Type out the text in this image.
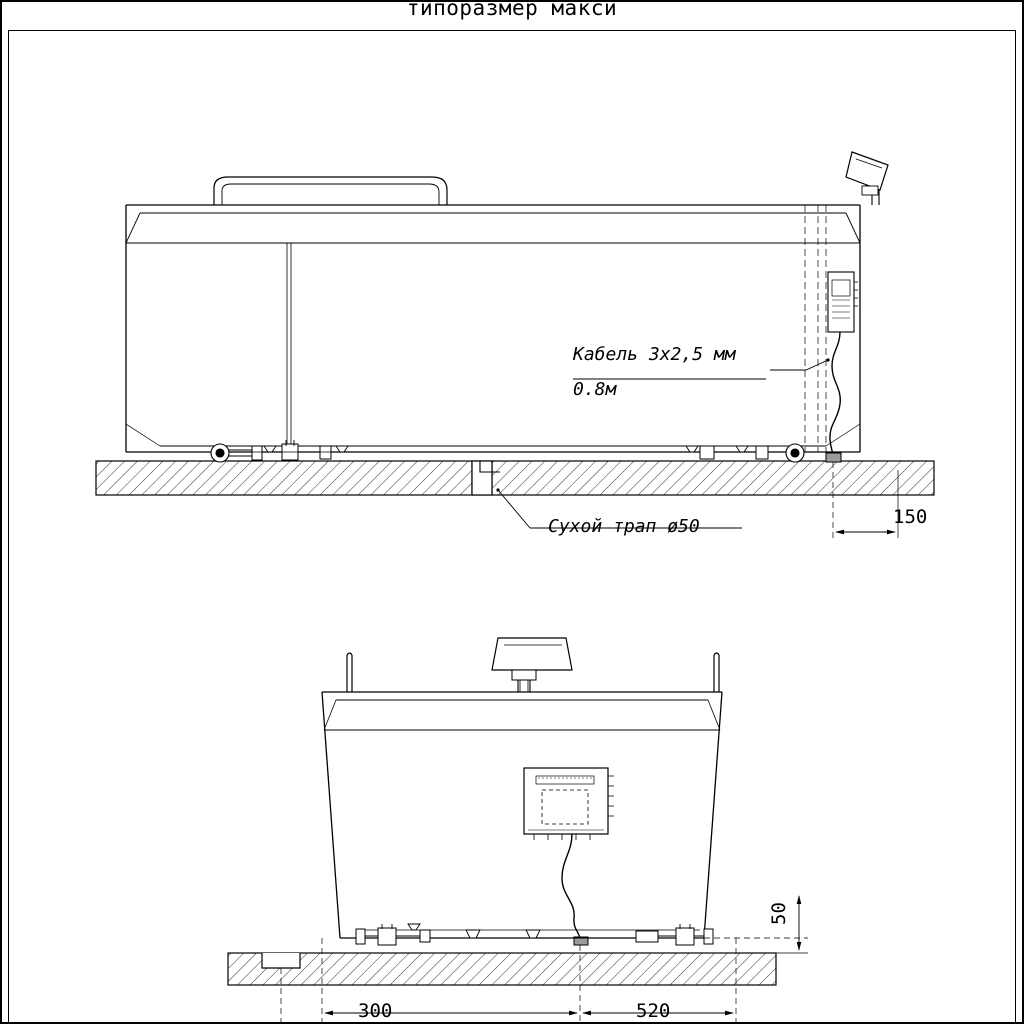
типоразмер макси
Кабель 3х2,5 мм
0.8м
Сухой трап ø50	150
50
300	520
